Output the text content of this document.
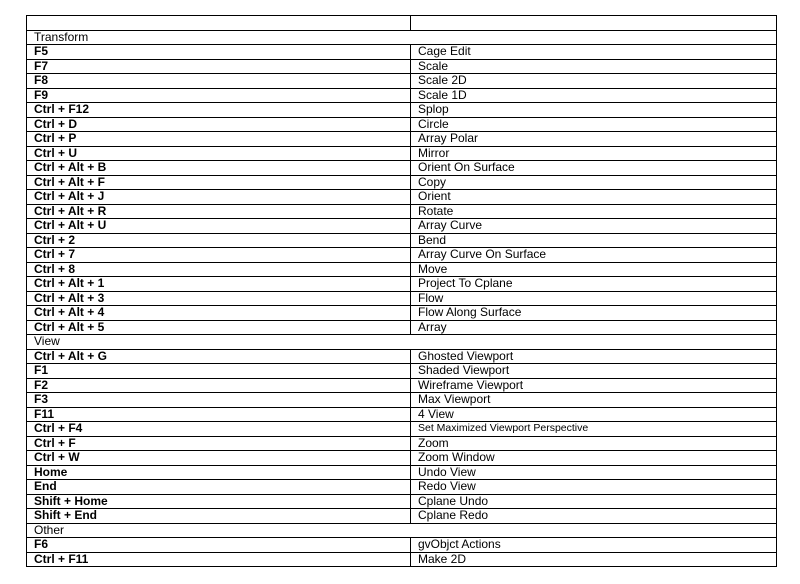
Transform	
F5	Cage Edit
F7	Scale
F8	Scale 2D
F9	Scale 1D
Ctrl + F12	Splop
Ctrl + D	Circle
Ctrl + P	Array Polar
Ctrl + U	Mirror
Ctrl + Alt + B	Orient On Surface
Ctrl + Alt + F	Copy
Ctrl + Alt + J	Orient
Ctrl + Alt + R	Rotate
Ctrl + Alt + U	Array Curve
Ctrl + 2	Bend
Ctrl + 7	Array Curve On Surface
Ctrl + 8	Move
Ctrl + Alt + 1	Project To Cplane
Ctrl + Alt + 3	Flow
Ctrl + Alt + 4	Flow Along Surface
Ctrl + Alt + 5	Array
View	
Ctrl + Alt + G	Ghosted Viewport
F1	Shaded Viewport
F2	Wireframe Viewport
F3	Max Viewport
F11	4 View
Ctrl + F4	Set Maximized Viewport Perspective
Ctrl + F	Zoom
Ctrl + W	Zoom Window
Home	Undo View
End	Redo View
Shift + Home	Cplane Undo
Shift + End	Cplane Redo
Other	
F6	gvObjct Actions
Ctrl + F11	Make 2D
